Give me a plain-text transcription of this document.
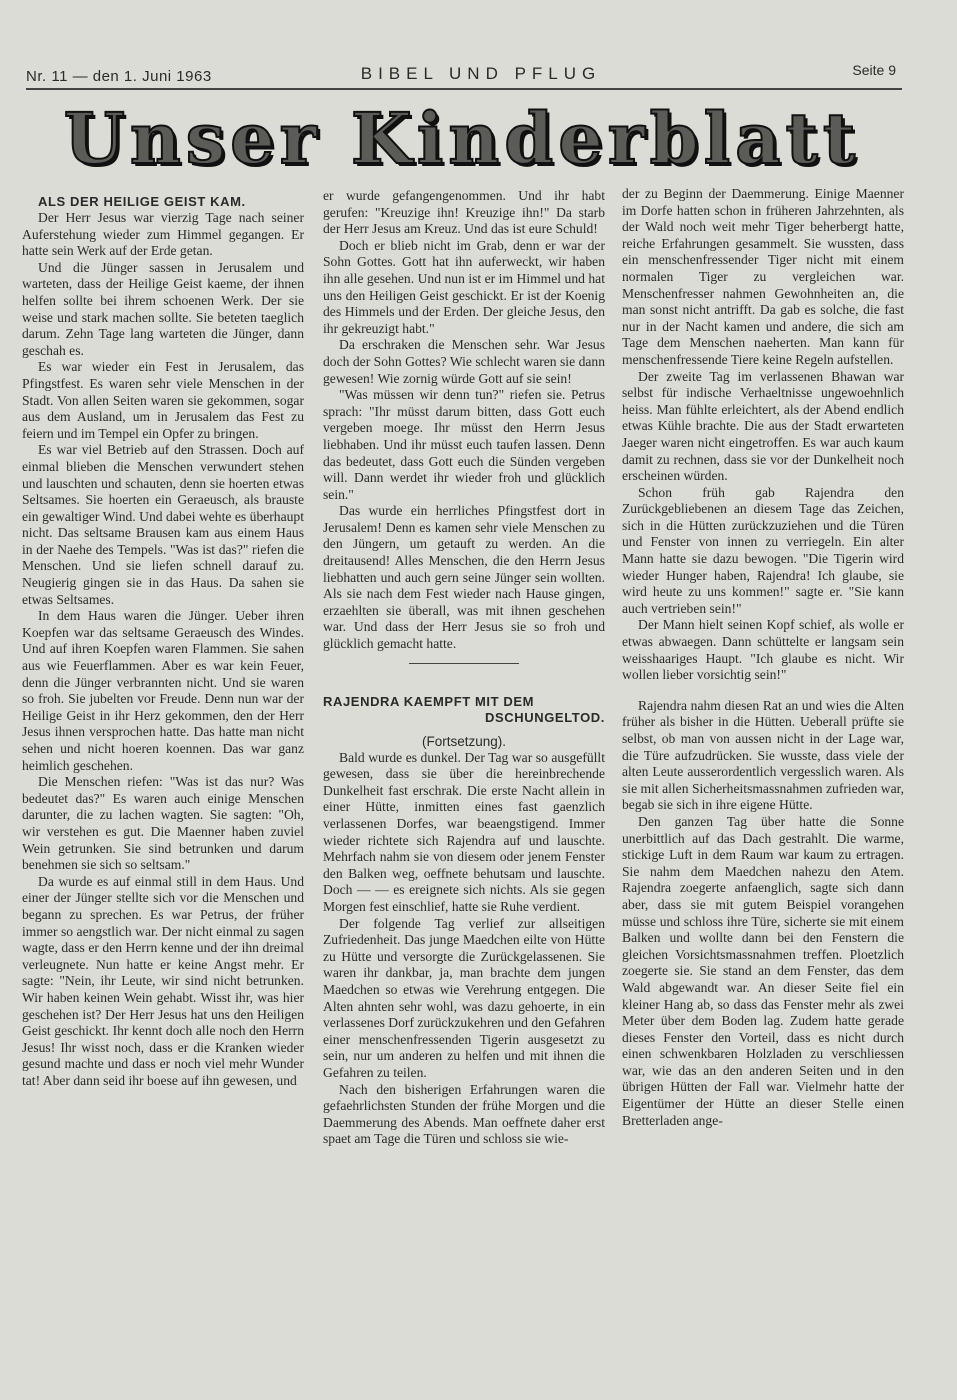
Nr. 11 — den 1. Juni 1963	BIBEL UND PFLUG	Seite 9
Unser Kinderblatt
ALS DER HEILIGE GEIST KAM.

Der Herr Jesus war vierzig Tage nach seiner Auferstehung wieder zum Himmel gegangen. Er hatte sein Werk auf der Erde getan.

Und die Jünger sassen in Jerusalem und warteten, dass der Heilige Geist kaeme, der ihnen helfen sollte bei ihrem schoenen Werk. Der sie weise und stark machen sollte. Sie beteten taeglich darum. Zehn Tage lang warteten die Jünger, dann geschah es.

Es war wieder ein Fest in Jerusalem, das Pfingstfest. Es waren sehr viele Menschen in der Stadt. Von allen Seiten waren sie gekommen, sogar aus dem Ausland, um in Jerusalem das Fest zu feiern und im Tempel ein Opfer zu bringen.

Es war viel Betrieb auf den Strassen. Doch auf einmal blieben die Menschen verwundert stehen und lauschten und schauten, denn sie hoerten etwas Seltsames. Sie hoerten ein Geraeusch, als brauste ein gewaltiger Wind. Und dabei wehte es überhaupt nicht. Das seltsame Brausen kam aus einem Haus in der Naehe des Tempels. "Was ist das?" riefen die Menschen. Und sie liefen schnell darauf zu. Neugierig gingen sie in das Haus. Da sahen sie etwas Seltsames.

In dem Haus waren die Jünger. Ueber ihren Koepfen war das seltsame Geraeusch des Windes. Und auf ihren Koepfen waren Flammen. Sie sahen aus wie Feuerflammen. Aber es war kein Feuer, denn die Jünger verbrannten nicht. Und sie waren so froh. Sie jubelten vor Freude. Denn nun war der Heilige Geist in ihr Herz gekommen, den der Herr Jesus ihnen versprochen hatte. Das hatte man nicht sehen und nicht hoeren koennen. Das war ganz heimlich geschehen.

Die Menschen riefen: "Was ist das nur? Was bedeutet das?" Es waren auch einige Menschen darunter, die zu lachen wagten. Sie sagten: "Oh, wir verstehen es gut. Die Maenner haben zuviel Wein getrunken. Sie sind betrunken und darum benehmen sie sich so seltsam."

Da wurde es auf einmal still in dem Haus. Und einer der Jünger stellte sich vor die Menschen und begann zu sprechen. Es war Petrus, der früher immer so aengstlich war. Der nicht einmal zu sagen wagte, dass er den Herrn kenne und der ihn dreimal verleugnete. Nun hatte er keine Angst mehr. Er sagte: "Nein, ihr Leute, wir sind nicht betrunken. Wir haben keinen Wein gehabt. Wisst ihr, was hier geschehen ist? Der Herr Jesus hat uns den Heiligen Geist geschickt. Ihr kennt doch alle noch den Herrn Jesus! Ihr wisst noch, dass er die Kranken wieder gesund machte und dass er noch viel mehr Wunder tat! Aber dann seid ihr boese auf ihn gewesen, und

er wurde gefangengenommen. Und ihr habt gerufen: "Kreuzige ihn! Kreuzige ihn!" Da starb der Herr Jesus am Kreuz. Und das ist eure Schuld!

Doch er blieb nicht im Grab, denn er war der Sohn Gottes. Gott hat ihn auferweckt, wir haben ihn alle gesehen. Und nun ist er im Himmel und hat uns den Heiligen Geist geschickt. Er ist der Koenig des Himmels und der Erden. Der gleiche Jesus, den ihr gekreuzigt habt."

Da erschraken die Menschen sehr. War Jesus doch der Sohn Gottes? Wie schlecht waren sie dann gewesen! Wie zornig würde Gott auf sie sein!

"Was müssen wir denn tun?" riefen sie. Petrus sprach: "Ihr müsst darum bitten, dass Gott euch vergeben moege. Ihr müsst den Herrn Jesus liebhaben. Und ihr müsst euch taufen lassen. Denn das bedeutet, dass Gott euch die Sünden vergeben will. Dann werdet ihr wieder froh und glücklich sein."

Das wurde ein herrliches Pfingstfest dort in Jerusalem! Denn es kamen sehr viele Menschen zu den Jüngern, um getauft zu werden. An die dreitausend! Alles Menschen, die den Herrn Jesus liebhatten und auch gern seine Jünger sein wollten. Als sie nach dem Fest wieder nach Hause gingen, erzaehlten sie überall, was mit ihnen geschehen war. Und dass der Herr Jesus sie so froh und glücklich gemacht hatte.

RAJENDRA KAEMPFT MIT DEM
DSCHUNGELTOD.
(Fortsetzung).

Bald wurde es dunkel. Der Tag war so ausgefüllt gewesen, dass sie über die hereinbrechende Dunkelheit fast erschrak. Die erste Nacht allein in einer Hütte, inmitten eines fast gaenzlich verlassenen Dorfes, war beaengstigend. Immer wieder richtete sich Rajendra auf und lauschte. Mehrfach nahm sie von diesem oder jenem Fenster den Balken weg, oeffnete behutsam und lauschte. Doch — — es ereignete sich nichts. Als sie gegen Morgen fest einschlief, hatte sie Ruhe verdient.

Der folgende Tag verlief zur allseitigen Zufriedenheit. Das junge Maedchen eilte von Hütte zu Hütte und versorgte die Zurückgelassenen. Sie waren ihr dankbar, ja, man brachte dem jungen Maedchen so etwas wie Verehrung entgegen. Die Alten ahnten sehr wohl, was dazu gehoerte, in ein verlassenes Dorf zurückzukehren und den Gefahren einer menschenfressenden Tigerin ausgesetzt zu sein, nur um anderen zu helfen und mit ihnen die Gefahren zu teilen.

Nach den bisherigen Erfahrungen waren die gefaehrlichsten Stunden der frühe Morgen und die Daemmerung des Abends. Man oeffnete daher erst spaet am Tage die Türen und schloss sie wie-

der zu Beginn der Daemmerung. Einige Maenner im Dorfe hatten schon in früheren Jahrzehnten, als der Wald noch weit mehr Tiger beherbergt hatte, reiche Erfahrungen gesammelt. Sie wussten, dass ein menschenfressender Tiger nicht mit einem normalen Tiger zu vergleichen war. Menschenfresser nahmen Gewohnheiten an, die man sonst nicht antrifft. Da gab es solche, die fast nur in der Nacht kamen und andere, die sich am Tage dem Menschen naeherten. Man kann für menschenfressende Tiere keine Regeln aufstellen.

Der zweite Tag im verlassenen Bhawan war selbst für indische Verhaeltnisse ungewoehnlich heiss. Man fühlte erleichtert, als der Abend endlich etwas Kühle brachte. Die aus der Stadt erwarteten Jaeger waren nicht eingetroffen. Es war auch kaum damit zu rechnen, dass sie vor der Dunkelheit noch erscheinen würden.

Schon früh gab Rajendra den Zurückgebliebenen an diesem Tage das Zeichen, sich in die Hütten zurückzuziehen und die Türen und Fenster von innen zu verriegeln. Ein alter Mann hatte sie dazu bewogen. "Die Tigerin wird wieder Hunger haben, Rajendra! Ich glaube, sie wird heute zu uns kommen!" sagte er. "Sie kann auch vertrieben sein!"

Der Mann hielt seinen Kopf schief, als wolle er etwas abwaegen. Dann schüttelte er langsam sein weisshaariges Haupt. "Ich glaube es nicht. Wir wollen lieber vorsichtig sein!"

Rajendra nahm diesen Rat an und wies die Alten früher als bisher in die Hütten. Ueberall prüfte sie selbst, ob man von aussen nicht in der Lage war, die Türe aufzudrücken. Sie wusste, dass viele der alten Leute ausserordentlich vergesslich waren. Als sie mit allen Sicherheitsmassnahmen zufrieden war, begab sie sich in ihre eigene Hütte.

Den ganzen Tag über hatte die Sonne unerbittlich auf das Dach gestrahlt. Die warme, stickige Luft in dem Raum war kaum zu ertragen. Sie nahm dem Maedchen nahezu den Atem. Rajendra zoegerte anfaenglich, sagte sich dann aber, dass sie mit gutem Beispiel vorangehen müsse und schloss ihre Türe, sicherte sie mit einem Balken und wollte dann bei den Fenstern die gleichen Vorsichtsmassnahmen treffen. Ploetzlich zoegerte sie. Sie stand an dem Fenster, das dem Wald abgewandt war. An dieser Seite fiel ein kleiner Hang ab, so dass das Fenster mehr als zwei Meter über dem Boden lag. Zudem hatte gerade dieses Fenster den Vorteil, dass es nicht durch einen schwenkbaren Holzladen zu verschliessen war, wie das an den anderen Seiten und in den übrigen Hütten der Fall war. Vielmehr hatte der Eigentümer der Hütte an dieser Stelle einen Bretterladen ange-
